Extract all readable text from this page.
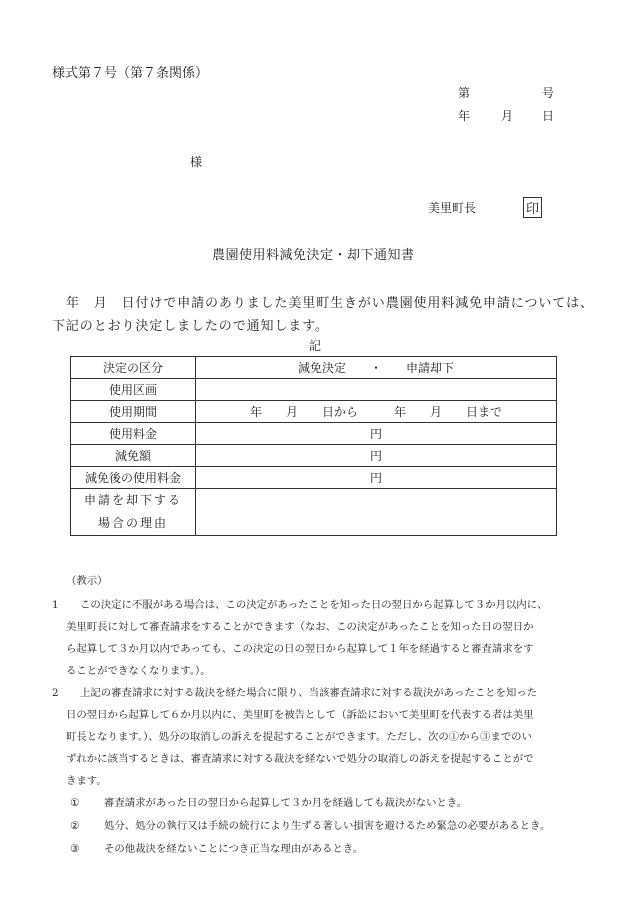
様式第７号（第７条関係）
第	号
年	月 日
様
美里町長	印
農園使用料減免決定・却下通知書
年　月　日付けで申請のありました美里町生きがい農園使用料減免申請については、
下記のとおり決定しましたので通知します。
記
決定の区分	減免決定　　・　　申請却下
使用区画	
使用期間	年　　月　　日から　　　年　　月　　日まで
使用料金	円
減免額	円
減免後の使用料金	円

申請を却下する
場合の理由	

（教示）
1	この決定に不服がある場合は、この決定があったことを知った日の翌日から起算して３か月以内に、
美里町長に対して審査請求をすることができます（なお、この決定があったことを知った日の翌日か
ら起算して３か月以内であっても、この決定の日の翌日から起算して１年を経過すると審査請求をす
ることができなくなります。）。
2	上記の審査請求に対する裁決を経た場合に限り、当該審査請求に対する裁決があったことを知った
日の翌日から起算して６か月以内に、美里町を被告として（訴訟において美里町を代表する者は美里
町長となります。）、処分の取消しの訴えを提起することができます。ただし、次の①から③までのい
ずれかに該当するときは、審査請求に対する裁決を経ないで処分の取消しの訴えを提起することがで
きます。
① 審査請求があった日の翌日から起算して３か月を経過しても裁決がないとき。
② 処分、処分の執行又は手続の続行により生ずる著しい損害を避けるため緊急の必要があるとき。
③ その他裁決を経ないことにつき正当な理由があるとき。
